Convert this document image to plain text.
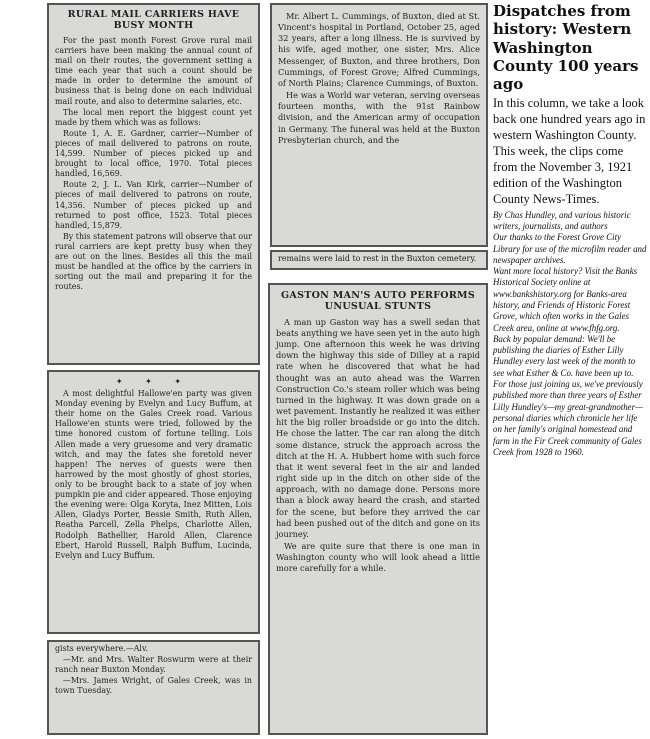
RURAL MAIL CARRIERS HAVE BUSY MONTH

For the past month Forest Grove rural mail carriers have been making the annual count of mail on their routes, the government setting a time each year that such a count should be made in order to determine the amount of business that is being done on each individual mail route, and also to determine salaries, etc.

The local men report the biggest count yet made by them which was as follows:

Route 1, A. E. Gardner, carrier—Number of pieces of mail delivered to patrons on route, 14,599. Number of pieces picked up and brought to local office, 1970. Total pieces handled, 16,569.

Route 2, J. L. Van Kirk, carrier—Number of pieces of mail delivered to patrons on route, 14,356. Number of pieces picked up and returned to post office, 1523. Total pieces handled, 15,879.

By this statement patrons will observe that our rural carriers are kept pretty busy when they are out on the lines. Besides all this the mail must be handled at the office by the carriers in sorting out the mail and preparing it for the routes.

Mr. Albert L. Cummings, of Buxton, died at St. Vincent's hospital in Portland, October 25, aged 32 years, after a long illness. He is survived by his wife, aged mother, one sister, Mrs. Alice Messenger, of Buxton, and three brothers, Don Cummings, of Forest Grove; Alfred Cummings, of North Plains; Clarence Cummings, of Buxton.

He was a World war veteran, serving overseas fourteen months, with the 91st Rainbow division, and the American army of occupation in Germany. The funeral was held at the Buxton Presbyterian church, and the

remains were laid to rest in the Buxton cemetery.

✦ ✦ ✦

A most delightful Hallowe'en party was given Monday evening by Evelyn and Lucy Buffum, at their home on the Gales Creek road. Various Hallowe'en stunts were tried, followed by the time honored custom of fortune telling. Lois Allen made a very gruesome and very dramatic witch, and may the fates she foretold never happen! The nerves of guests were then harrowed by the most ghostly of ghost stories, only to be brought back to a state of joy when pumpkin pie and cider appeared. Those enjoying the evening were: Olga Koryta, Inez Mitten, Lois Allen, Gladys Porter, Bessie Smith, Ruth Allen, Reatha Parcell, Zella Phelps, Charlotte Allen, Rodolph Bathellier, Harold Allen, Clarence Ebert, Harold Russell, Ralph Buffum, Lucinda, Evelyn and Lucy Buffum.

gists everywhere.—Alv.

—Mr. and Mrs. Walter Roswurm were at their ranch near Buxton Monday.

—Mrs. James Wright, of Gales Creek, was in town Tuesday.

GASTON MAN'S AUTO PERFORMS UNUSUAL STUNTS

A man up Gaston way has a swell sedan that beats anything we have seen yet in the auto high jump. One afternoon this week he was driving down the highway this side of Dilley at a rapid rate when he discovered that what he had thought was an auto ahead was the Warren Construction Co.'s steam roller which was being turned in the highway. It was down grade on a wet pavement. Instantly he realized it was either hit the big roller broadside or go into the ditch. He chose the latter. The car ran along the ditch some distance, struck the approach across the ditch at the H. A. Hubbert home with such force that it went several feet in the air and landed right side up in the ditch on other side of the approach, with no damage done. Persons more than a block away heard the crash, and started for the scene, but before they arrived the car had been pushed out of the ditch and gone on its journey.

We are quite sure that there is one man in Washington county who will look ahead a little more carefully for a while.

Dispatches from history: Western Washington County 100 years ago
In this column, we take a look back one hundred years ago in western Washington County. This week, the clips come from the November 3, 1921 edition of the Washington County News-Times.

By Chas Hundley, and various historic writers, journalists, and authors

Our thanks to the Forest Grove City Library for use of the microfilm reader and newspaper archives.

Want more local history? Visit the Banks Historical Society online at www.bankshistory.org for Banks-area history, and Friends of Historic Forest Grove, which often works in the Gales Creek area, online at www.fhfg.org.

Back by popular demand: We'll be publishing the diaries of Esther Lilly Hundley every last week of the month to see what Esther & Co. have been up to. For those just joining us, we've previously published more than three years of Esther Lilly Hundley's—my great-grandmother— personal diaries which chronicle her life on her family's original homestead and farm in the Fir Creek community of Gales Creek from 1928 to 1960.
